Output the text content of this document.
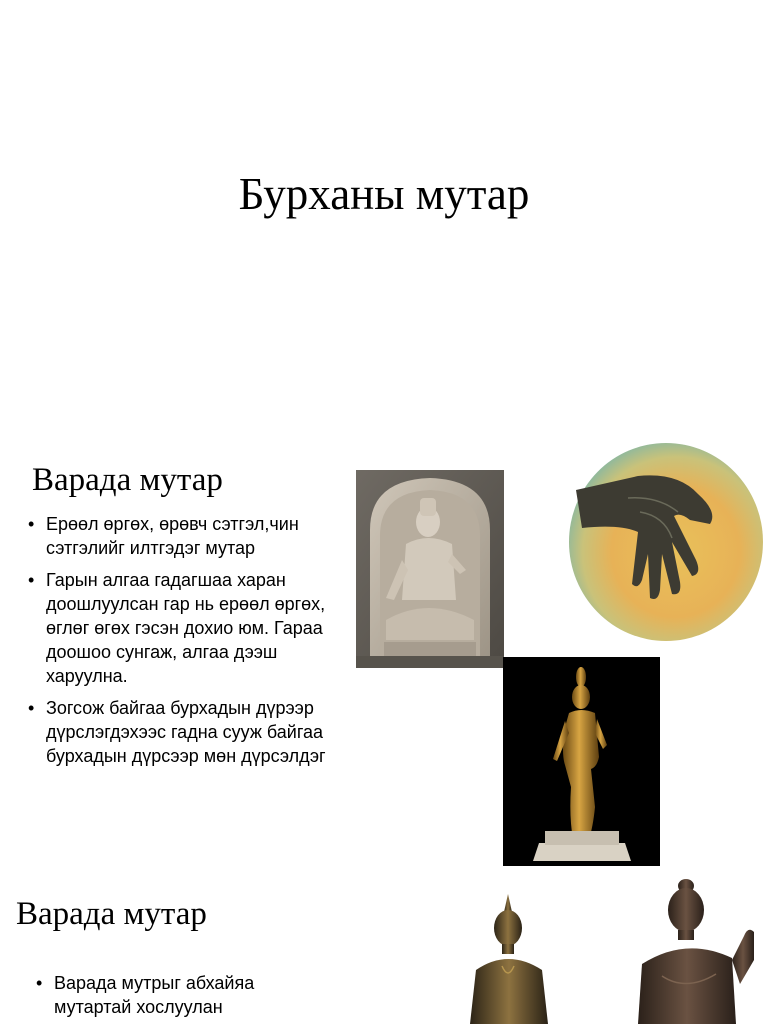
Бурханы мутар
Варада мутар
• Ерөөл өргөх, өрөвч сэтгэл,чин сэтгэлийг илтгэдэг мутар
• Гарын алгаа гадагшаа харан доошлуулсан гар нь ерөөл өргөх, өглөг өгөх гэсэн дохио юм. Гараа доошоо сунгаж, алгаа дээш харуулна.
• Зогсож байгаа бурхадын дүрээр дүрслэгдэхээс гадна сууж байгаа бурхадын дүрсээр мөн дүрсэлдэг
Варада мутар
• Варада мутрыг абхайяа мутартай хослуулан
